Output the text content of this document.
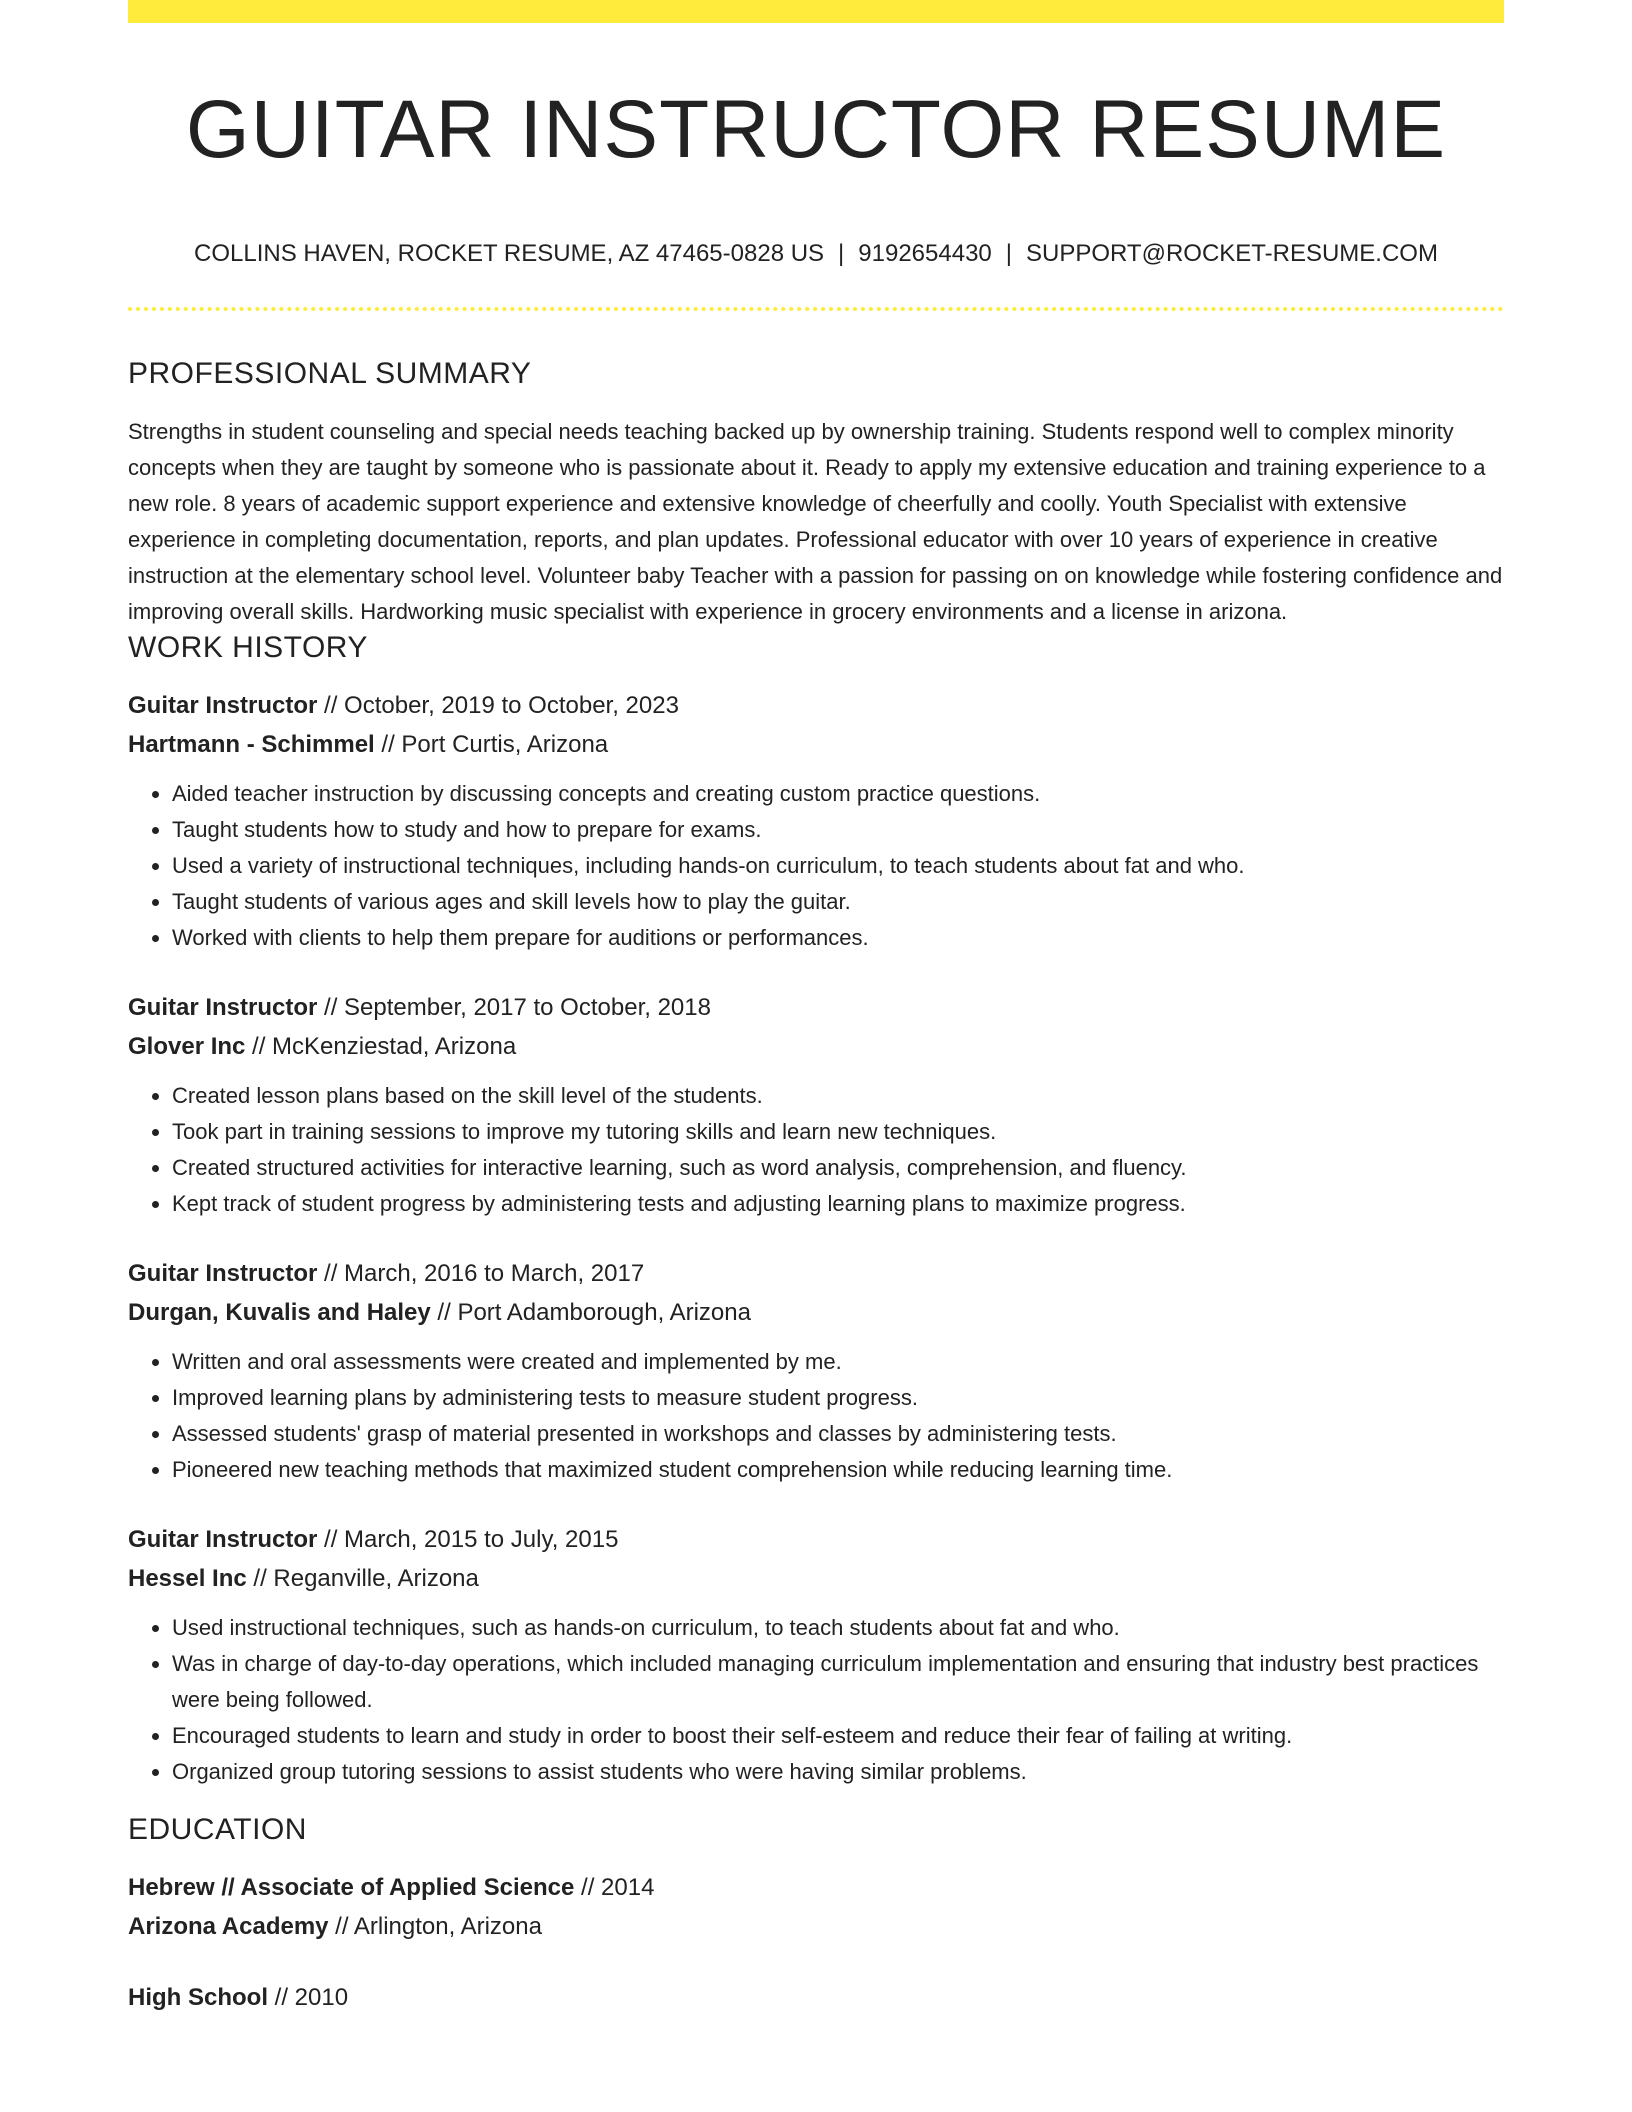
GUITAR INSTRUCTOR RESUME
COLLINS HAVEN, ROCKET RESUME, AZ 47465-0828 US | 9192654430 | SUPPORT@ROCKET-RESUME.COM
PROFESSIONAL SUMMARY

Strengths in student counseling and special needs teaching backed up by ownership training. Students respond well to complex minority concepts when they are taught by someone who is passionate about it. Ready to apply my extensive education and training experience to a new role. 8 years of academic support experience and extensive knowledge of cheerfully and coolly. Youth Specialist with extensive experience in completing documentation, reports, and plan updates. Professional educator with over 10 years of experience in creative instruction at the elementary school level. Volunteer baby Teacher with a passion for passing on on knowledge while fostering confidence and improving overall skills. Hardworking music specialist with experience in grocery environments and a license in arizona.

WORK HISTORY
Guitar Instructor // October, 2019 to October, 2023
Hartmann - Schimmel // Port Curtis, Arizona
• Aided teacher instruction by discussing concepts and creating custom practice questions.
• Taught students how to study and how to prepare for exams.
• Used a variety of instructional techniques, including hands-on curriculum, to teach students about fat and who.
• Taught students of various ages and skill levels how to play the guitar.
• Worked with clients to help them prepare for auditions or performances.
Guitar Instructor // September, 2017 to October, 2018
Glover Inc // McKenziestad, Arizona
• Created lesson plans based on the skill level of the students.
• Took part in training sessions to improve my tutoring skills and learn new techniques.
• Created structured activities for interactive learning, such as word analysis, comprehension, and fluency.
• Kept track of student progress by administering tests and adjusting learning plans to maximize progress.
Guitar Instructor // March, 2016 to March, 2017
Durgan, Kuvalis and Haley // Port Adamborough, Arizona
• Written and oral assessments were created and implemented by me.
• Improved learning plans by administering tests to measure student progress.
• Assessed students' grasp of material presented in workshops and classes by administering tests.
• Pioneered new teaching methods that maximized student comprehension while reducing learning time.
Guitar Instructor // March, 2015 to July, 2015
Hessel Inc // Reganville, Arizona
• Used instructional techniques, such as hands-on curriculum, to teach students about fat and who.
• Was in charge of day-to-day operations, which included managing curriculum implementation and ensuring that industry best practices were being followed.
• Encouraged students to learn and study in order to boost their self-esteem and reduce their fear of failing at writing.
• Organized group tutoring sessions to assist students who were having similar problems.
EDUCATION
Hebrew // Associate of Applied Science // 2014
Arizona Academy // Arlington, Arizona
High School // 2010
